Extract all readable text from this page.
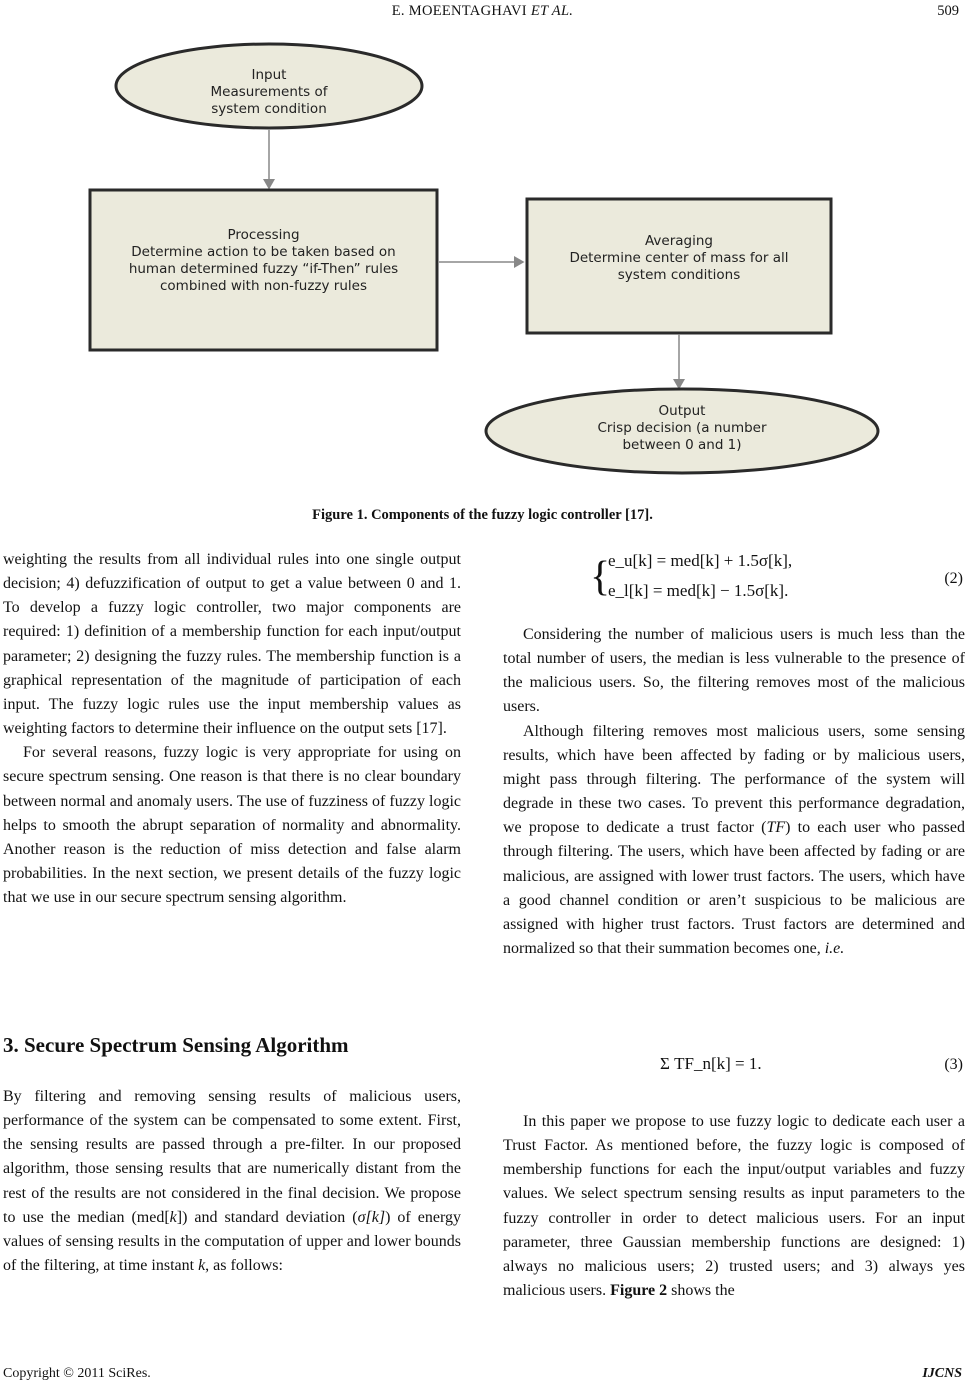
E. MOEENTAGHAVI ET AL.	509
Input
Measurements of
system condition
Processing
Determine action to be taken based on
human determined fuzzy “if-Then” rules
combined with non-fuzzy rules
Averaging
Determine center of mass for all
system conditions
Output
Crisp decision (a number
between 0 and 1)
Figure 1. Components of the fuzzy logic controller [17].

weighting the results from all individual rules into one single output decision; 4) defuzzification of output to get a value between 0 and 1. To develop a fuzzy logic controller, two major components are required: 1) definition of a membership function for each input/output parameter; 2) designing the fuzzy rules. The membership function is a graphical representation of the magnitude of participation of each input. The fuzzy logic rules use the input membership values as weighting factors to determine their influence on the output sets [17].

For several reasons, fuzzy logic is very appropriate for using on secure spectrum sensing. One reason is that there is no clear boundary between normal and anomaly users. The use of fuzziness of fuzzy logic helps to smooth the abrupt separation of normality and abnormality. Another reason is the reduction of miss detection and false alarm probabilities. In the next section, we present details of the fuzzy logic that we use in our secure spectrum sensing algorithm.

3. Secure Spectrum Sensing Algorithm

By filtering and removing sensing results of malicious users, performance of the system can be compensated to some extent. First, the sensing results are passed through a pre-filter. In our proposed algorithm, those sensing results that are numerically distant from the rest of the results are not considered in the final decision. We propose to use the median (med[k]) and standard deviation (σ[k]) of energy values of sensing results in the computation of upper and lower bounds of the filtering, at time instant k, as follows:

{
e_u[k] = med[k] + 1.5σ[k],
e_l[k] = med[k] − 1.5σ[k].
(2)

Considering the number of malicious users is much less than the total number of users, the median is less vulnerable to the presence of the malicious users. So, the filtering removes most of the malicious users.

Although filtering removes most malicious users, some sensing results, which have been affected by fading or by malicious users, might pass through filtering. The performance of the system will degrade in these two cases. To prevent this performance degradation, we propose to dedicate a trust factor (TF) to each user who passed through filtering. The users, which have been affected by fading or are malicious, are assigned with lower trust factors. The users, which have a good channel condition or aren’t suspicious to be malicious are assigned with higher trust factors. Trust factors are determined and normalized so that their summation becomes one, i.e.

Σ TF_n[k] = 1.	(3)

In this paper we propose to use fuzzy logic to dedicate each user a Trust Factor. As mentioned before, the fuzzy logic is composed of membership functions for each the input/output variables and fuzzy values. We select spectrum sensing results as input parameters to the fuzzy controller in order to detect malicious users. For an input parameter, three Gaussian membership functions are designed: 1) always no malicious users; 2) trusted users; and 3) always yes malicious users. Figure 2 shows the

Copyright © 2011 SciRes.	IJCNS
